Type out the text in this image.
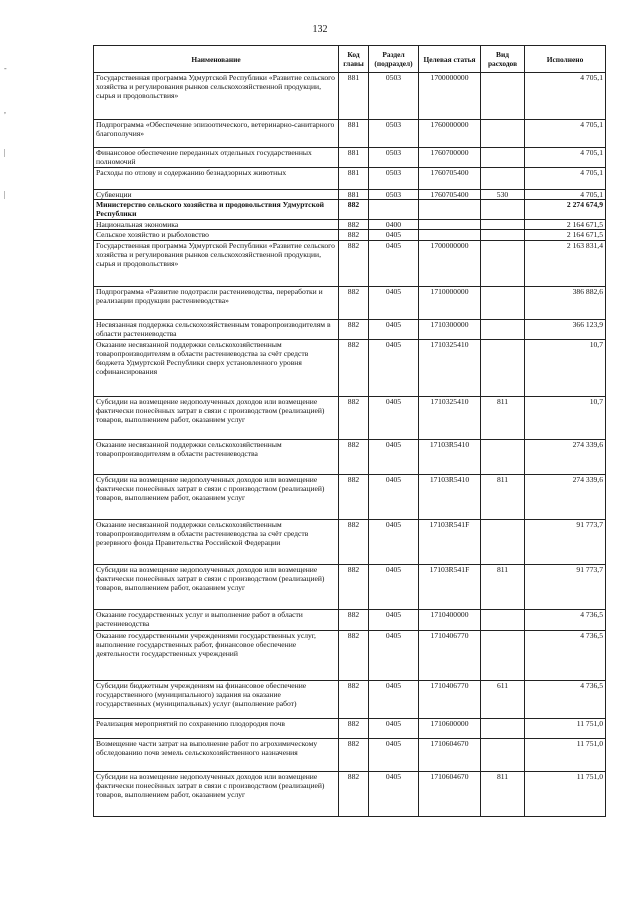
132
-
,
|
|
Наименование	Код главы	Раздел (подраздел)	Целевая статья	Вид расходов	Исполнено
Государственная программа Удмуртской Республики «Развитие сельского хозяйства и регулирования рынков сельскохозяйственной продукции, сырья и продовольствия»	881	0503	1700000000		4 705,1
Подпрограмма «Обеспечение эпизоотического, ветеринарно-санитарного благополучия»	881	0503	1760000000		4 705,1
Финансовое обеспечение переданных отдельных государственных полномочий	881	0503	1760700000		4 705,1
Расходы по отлову и содержанию безнадзорных животных	881	0503	1760705400		4 705,1
Субвенции	881	0503	1760705400	530	4 705,1
Министерство сельского хозяйства и продовольствия Удмуртской Республики	882				2 274 674,9
Национальная экономика	882	0400			2 164 671,5
Сельское хозяйство и рыболовство	882	0405			2 164 671,5
Государственная программа Удмуртской Республики «Развитие сельского хозяйства и регулирования рынков сельскохозяйственной продукции, сырья и продовольствия»	882	0405	1700000000		2 163 831,4
Подпрограмма «Развитие подотрасли растениеводства, переработки и реализации продукции растениеводства»	882	0405	1710000000		386 882,6
Несвязанная поддержка сельскохозяйственным товаропроизводителям в области растениеводства	882	0405	1710300000		366 123,9
Оказание несвязанной поддержки сельскохозяйственным товаропроизводителям в области растениеводства за счёт средств бюджета Удмуртской Республики сверх установленного уровня софинансирования	882	0405	1710325410		10,7
Субсидии на возмещение недополученных доходов или возмещение фактически понесённых затрат в связи с производством (реализацией) товаров, выполнением работ, оказанием услуг	882	0405	1710325410	811	10,7
Оказание несвязанной поддержки сельскохозяйственным товаропроизводителям в области растениеводства	882	0405	17103R5410		274 339,6
Субсидии на возмещение недополученных доходов или возмещение фактически понесённых затрат в связи с производством (реализацией) товаров, выполнением работ, оказанием услуг	882	0405	17103R5410	811	274 339,6
Оказание несвязанной поддержки сельскохозяйственным товаропроизводителям в области растениеводства за счёт средств резервного фонда Правительства Российской Федерации	882	0405	17103R541F		91 773,7
Субсидии на возмещение недополученных доходов или возмещение фактически понесённых затрат в связи с производством (реализацией) товаров, выполнением работ, оказанием услуг	882	0405	17103R541F	811	91 773,7
Оказание государственных услуг и выполнение работ в области растениеводства	882	0405	1710400000		4 736,5
Оказание государственными учреждениями государственных услуг, выполнение государственных работ, финансовое обеспечение деятельности государственных учреждений	882	0405	1710406770		4 736,5
Субсидии бюджетным учреждениям на финансовое обеспечение государственного (муниципального) задания на оказание государственных (муниципальных) услуг (выполнение работ)	882	0405	1710406770	611	4 736,5
Реализация мероприятий по сохранению плодородия почв	882	0405	1710600000		11 751,0
Возмещение части затрат на выполнение работ по агрохимическому обследованию почв земель сельскохозяйственного назначения	882	0405	1710604670		11 751,0
Субсидии на возмещение недополученных доходов или возмещение фактически понесённых затрат в связи с производством (реализацией) товаров, выполнением работ, оказанием услуг	882	0405	1710604670	811	11 751,0
